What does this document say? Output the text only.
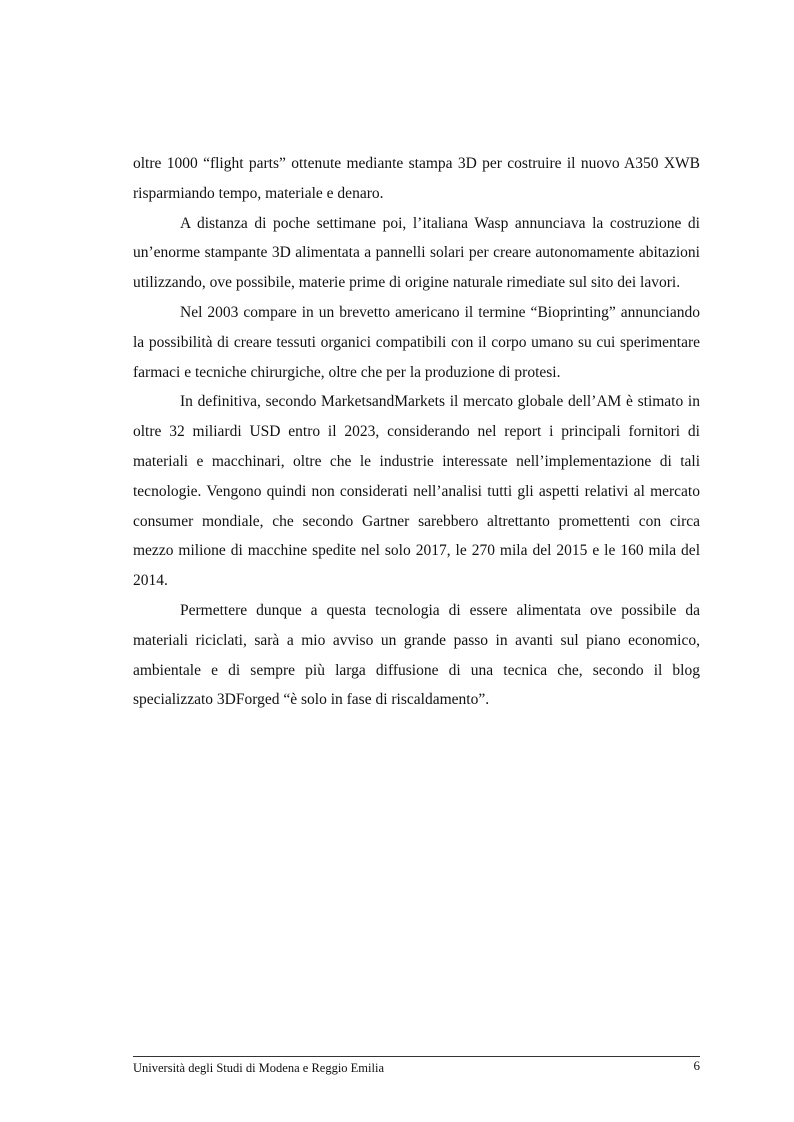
oltre 1000 “flight parts” ottenute mediante stampa 3D per costruire il nuovo A350 XWB risparmiando tempo, materiale e denaro.

A distanza di poche settimane poi, l’italiana Wasp annunciava la costruzione di un’enorme stampante 3D alimentata a pannelli solari per creare autonomamente abitazioni utilizzando, ove possibile, materie prime di origine naturale rimediate sul sito dei lavori.

Nel 2003 compare in un brevetto americano il termine “Bioprinting” annunciando la possibilità di creare tessuti organici compatibili con il corpo umano su cui sperimentare farmaci e tecniche chirurgiche, oltre che per la produzione di protesi.

In definitiva, secondo MarketsandMarkets il mercato globale dell’AM è stimato in oltre 32 miliardi USD entro il 2023, considerando nel report i principali fornitori di materiali e macchinari, oltre che le industrie interessate nell’implementazione di tali tecnologie. Vengono quindi non considerati nell’analisi tutti gli aspetti relativi al mercato consumer mondiale, che secondo Gartner sarebbero altrettanto promettenti con circa mezzo milione di macchine spedite nel solo 2017, le 270 mila del 2015 e le 160 mila del 2014.

Permettere dunque a questa tecnologia di essere alimentata ove possibile da materiali riciclati, sarà a mio avviso un grande passo in avanti sul piano economico, ambientale e di sempre più larga diffusione di una tecnica che, secondo il blog specializzato 3DForged “è solo in fase di riscaldamento”.

Università degli Studi di Modena e Reggio Emilia	6
